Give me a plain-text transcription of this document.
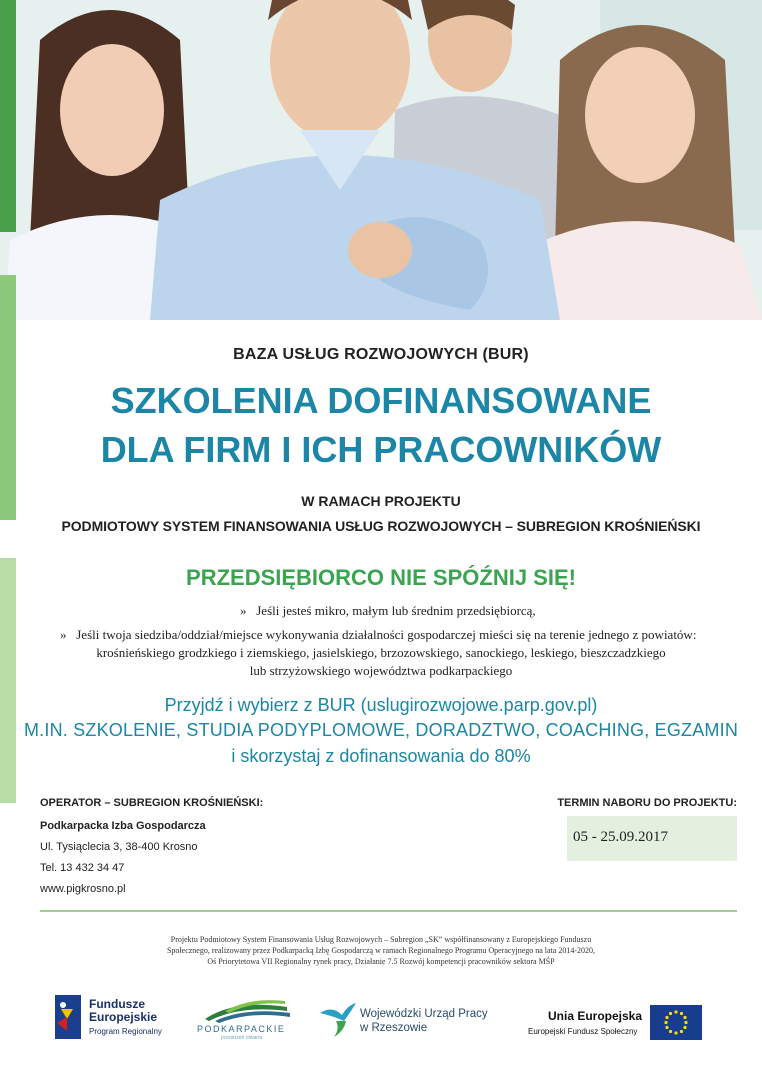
BAZA USŁUG ROZWOJOWYCH (BUR)
SZKOLENIA DOFINANSOWANE
DLA FIRM I ICH PRACOWNIKÓW
W RAMACH PROJEKTU
PODMIOTOWY SYSTEM FINANSOWANIA USŁUG ROZWOJOWYCH – SUBREGION KROŚNIEŃSKI
PRZEDSIĘBIORCO NIE SPÓŹNIJ SIĘ!
» Jeśli jesteś mikro, małym lub średnim przedsiębiorcą,
» Jeśli twoja siedziba/oddział/miejsce wykonywania działalności gospodarczej mieści się na terenie jednego z powiatów:
krośnieńskiego grodzkiego i ziemskiego, jasielskiego, brzozowskiego, sanockiego, leskiego, bieszczadzkiego
lub strzyżowskiego województwa podkarpackiego
Przyjdź i wybierz z BUR (uslugirozwojowe.parp.gov.pl)
M.IN. SZKOLENIE, STUDIA PODYPLOMOWE, DORADZTWO, COACHING, EGZAMIN
i skorzystaj z dofinansowania do 80%
OPERATOR – SUBREGION KROŚNIEŃSKI:
Podkarpacka Izba Gospodarcza
Ul. Tysiąclecia 3, 38-400 Krosno
Tel. 13 432 34 47
www.pigkrosno.pl
TERMIN NABORU DO PROJEKTU:
05 - 25.09.2017
Projektu Podmiotowy System Finansowania Usług Rozwojowych – Subregion „SK” współfinansowany z Europejskiego Funduszu
Społecznego, realizowany przez Podkarpacką Izbę Gospodarczą w ramach Regionalnego Programu Operacyjnego na lata 2014-2020,
Oś Priorytetowa VII Regionalny rynek pracy, Działanie 7.5 Rozwój kompetencji pracowników sektora MŚP
Fundusze
Europejskie
Program Regionalny	PODKARPACKIE
przestrzeń otwarta
Wojewódzki Urząd Pracy
w Rzeszowie
Unia Europejska
Europejski Fundusz Społeczny
